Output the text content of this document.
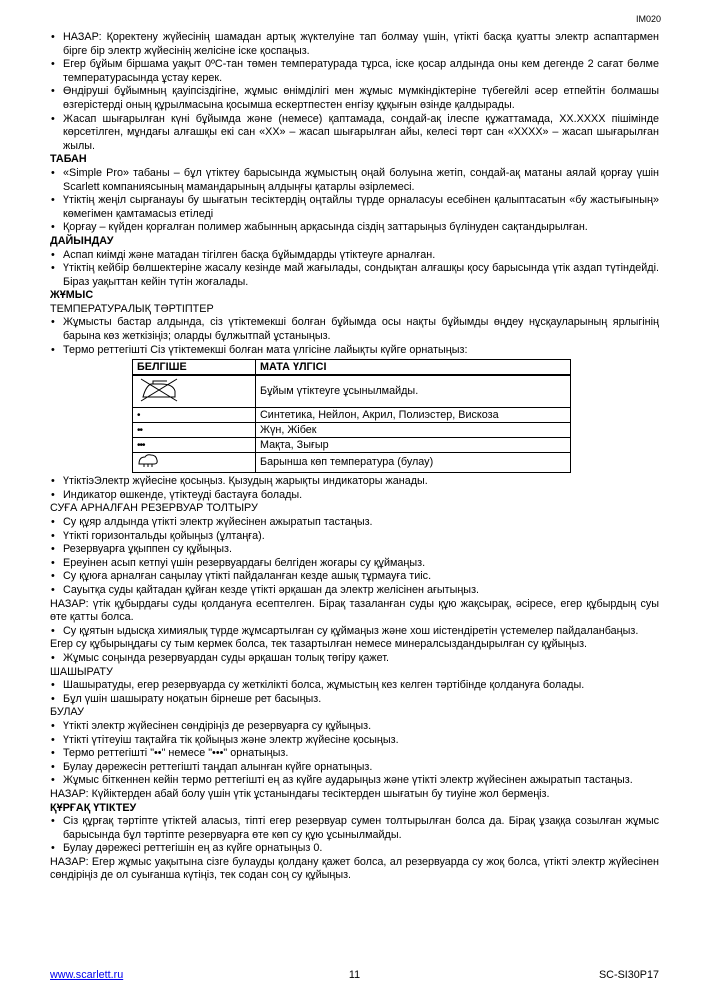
IM020

• НАЗАР: Қоректену жүйесінің шамадан артық жүктелуіне тап болмау үшін, үтікті басқа қуатты электр аспаптармен бірге бір электр жүйесінің желісіне іске қоспаңыз.

• Егер бұйым біршама уақыт 0ºС-тан төмен температурада тұрса, іске қосар алдында оны кем дегенде 2 сағат бөлме температурасында ұстау керек.

• Өндіруші бұйымның қауіпсіздігіне, жұмыс өнімділігі мен жұмыс мүмкіндіктеріне түбегейлі әсер етпейтін болмашы өзгерістерді оның құрылмасына қосымша ескертпестен енгізу құқығын өзінде қалдырады.

• Жасап шығарылған күні бұйымда және (немесе) қаптамада, сондай-ақ ілеспе құжаттамада, XX.XXXX пішімінде көрсетілген, мұндағы алғашқы екі сан «XX» – жасап шығарылған айы, келесі төрт сан «XXXX» – жасап шығарылған жылы.

ТАБАН

• «Simple Pro» табаны – бұл үтіктеу барысында жұмыстың оңай болуына жетіп, сондай-ақ матаны аялай қорғау үшін Scarlett компаниясының мамандарының алдыңғы қатарлы әзірлемесі.

• Үтіктің жеңіл сырғанауы бу шығатын тесіктердің оңтайлы түрде орналасуы есебінен қалыптасатын «бу жастығының» көмегімен қамтамасыз етіледі

• Қорғау – күйден қорғалған полимер жабынның арқасында сіздің заттарыңыз бүлінуден сақтандырылған.

ДАЙЫНДАУ

• Аспап киімді және матадан тігілген басқа бұйымдарды үтіктеуге арналған.

• Үтіктің кейбір бөлшектеріне жасалу кезінде май жағылады, сондықтан алғашқы қосу барысында үтік аздап түтіндейді. Біраз уақыттан кейін түтін жоғалады.

ЖҰМЫС

ТЕМПЕРАТУРАЛЫҚ ТӘРТІПТЕР

• Жұмысты бастар алдында, сіз үтіктемекші болған бұйымда осы нақты бұйымды өңдеу нұсқауларының ярлыгінің барына көз жеткізіңіз; оларды бұлжытпай ұстаныңыз.

• Термо реттегішті Сіз үтіктемекші болған мата үлгісіне лайықты күйге орнатыңыз:

БЕЛГІШЕ	МАТА ҮЛГІСІ
	Бұйым үтіктеуге ұсынылмайды.
•	Синтетика, Нейлон, Акрил, Полиэстер, Вискоза
••	Жүн, Жібек
•••	Мақта, Зығыр
	Барынша көп температура (булау)

• ҮтіктіэЭлектр жүйесіне қосыңыз. Қызудың жарықты индикаторы жанады.

• Индикатор өшкенде, үтіктеуді бастауға болады.

СУҒА АРНАЛҒАН РЕЗЕРВУАР ТОЛТЫРУ

• Су құяр алдында үтікті электр жүйесінен ажыратып тастаңыз.

• Үтікті горизонтальды қойыңыз (ұлтаңға).

• Резервуарға ұқыппен су құйыңыз.

• Ереуінен асып кетпуі үшін резервуардағы белгіден жоғары су құймаңыз.

• Су құюға арналған саңылау үтікті пайдаланған кезде ашық тұрмауға тиіс.

• Сауытқа суды қайтадан құйған кезде үтікті әрқашан да электр желісінен ағытыңыз.

НАЗАР: үтік құбырдағы суды қолдануға есептелген. Бірақ тазаланған суды құю жақсырақ, әсіресе, егер құбырдың суы өте қатты болса.

• Су құятын ыдысқа химиялық түрде жұмсартылған су құймаңыз және хош иістендіретін үстемелер пайдаланбаңыз.

Егер су құбырыңдағы су тым кермек болса, тек тазартылған немесе минералсыздандырылған су құйыңыз.

• Жұмыс соңында резервуардан суды әрқашан толық төгіру қажет.

ШАШЫРАТУ

• Шашыратуды, егер резервуарда су жеткілікті болса, жұмыстың кез келген тәртібінде қолдануға болады.

• Бұл үшін шашырату ноқатын бірнеше рет басыңыз.

БУЛАУ

• Үтікті электр жүйесінен сөндіріңіз де резервуарға су құйыңыз.

• Үтікті үтітеуіш тақтайға тік қойыңыз және электр жүйесіне қосыңыз.

• Термо реттегішті "••" немесе "•••" орнатыңыз.

• Булау дәрежесін реттегішті таңдап алынған күйге орнатыңыз.

• Жұмыс біткеннен кейін термо реттегішті ең аз күйге аударыңыз және үтікті электр жүйесінен ажыратып тастаңыз.

НАЗАР: Күйіктерден абай болу үшін үтік ұстанындағы тесіктерден шығатын бу тиуіне жол бермеңіз.

ҚҰРҒАҚ ҮТІКТЕУ

• Сіз құрғақ тәртіпте үтіктей аласыз, тіпті егер резервуар сумен толтырылған болса да. Бірақ ұзаққа созылған жұмыс барысында бұл тәртіпте резервуарға өте көп су құю ұсынылмайды.

• Булау дәрежесі реттегішін ең аз күйге орнатыңыз 0.

НАЗАР: Егер жұмыс уақытына сізге булауды қолдану қажет болса, ал резервуарда су жоқ болса, үтікті электр жүйесінен сөндіріңіз де ол суығанша күтіңіз, тек содан соң су құйыңыз.

www.scarlett.ru	11	SC-SI30P17
